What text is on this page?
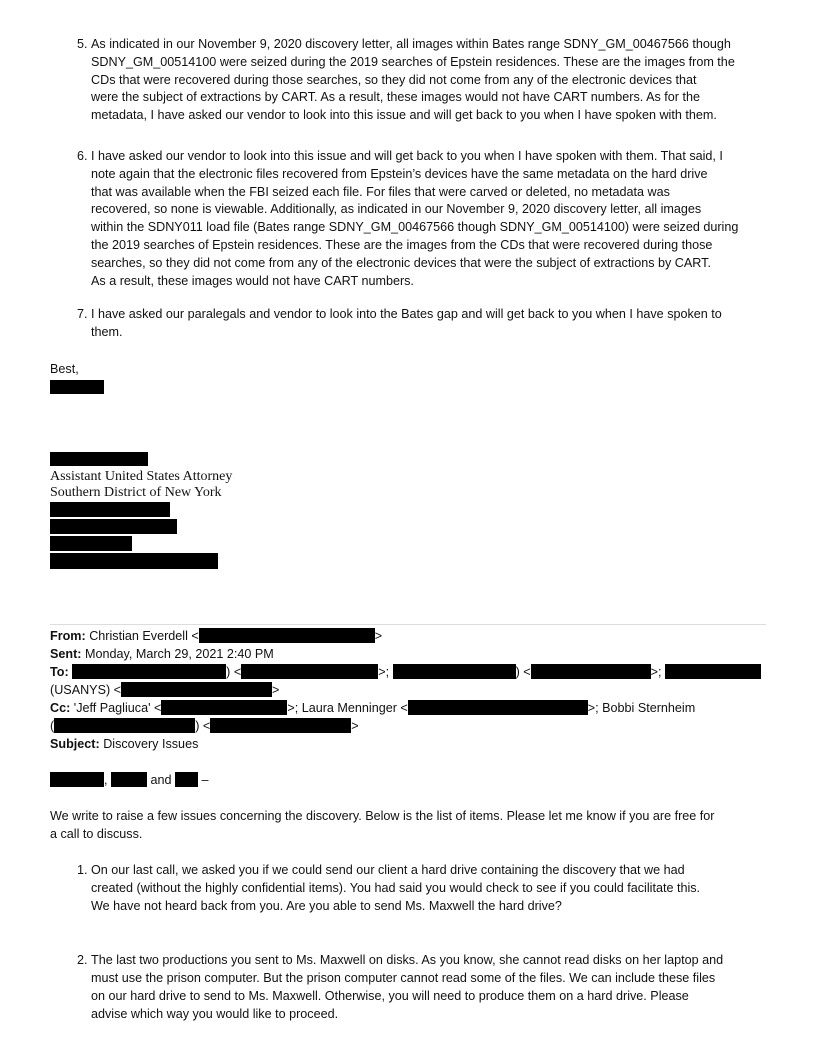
5. As indicated in our November 9, 2020 discovery letter, all images within Bates range SDNY_GM_00467566 though
SDNY_GM_00514100 were seized during the 2019 searches of Epstein residences. These are the images from the
CDs that were recovered during those searches, so they did not come from any of the electronic devices that
were the subject of extractions by CART. As a result, these images would not have CART numbers. As for the
metadata, I have asked our vendor to look into this issue and will get back to you when I have spoken with them.
6. I have asked our vendor to look into this issue and will get back to you when I have spoken with them. That said, I
note again that the electronic files recovered from Epstein’s devices have the same metadata on the hard drive
that was available when the FBI seized each file. For files that were carved or deleted, no metadata was
recovered, so none is viewable. Additionally, as indicated in our November 9, 2020 discovery letter, all images
within the SDNY011 load file (Bates range SDNY_GM_00467566 though SDNY_GM_00514100) were seized during
the 2019 searches of Epstein residences. These are the images from the CDs that were recovered during those
searches, so they did not come from any of the electronic devices that were the subject of extractions by CART.
As a result, these images would not have CART numbers.
7. I have asked our paralegals and vendor to look into the Bates gap and will get back to you when I have spoken to
them.
Best,
Assistant United States Attorney
Southern District of New York
From: Christian Everdell <	>
Sent: Monday, March 29, 2021 2:40 PM
To:	) <	>;	) <	>;
(USANYS) <	>
Cc: 'Jeff Pagliuca' <	>; Laura Menninger <	>; Bobbi Sternheim
(	) <	>
Subject: Discovery Issues
,	and –
We write to raise a few issues concerning the discovery. Below is the list of items. Please let me know if you are free for
a call to discuss.
1. On our last call, we asked you if we could send our client a hard drive containing the discovery that we had
created (without the highly confidential items). You had said you would check to see if you could facilitate this.
We have not heard back from you. Are you able to send Ms. Maxwell the hard drive?
2. The last two productions you sent to Ms. Maxwell on disks. As you know, she cannot read disks on her laptop and
must use the prison computer. But the prison computer cannot read some of the files. We can include these files
on our hard drive to send to Ms. Maxwell. Otherwise, you will need to produce them on a hard drive. Please
advise which way you would like to proceed.
